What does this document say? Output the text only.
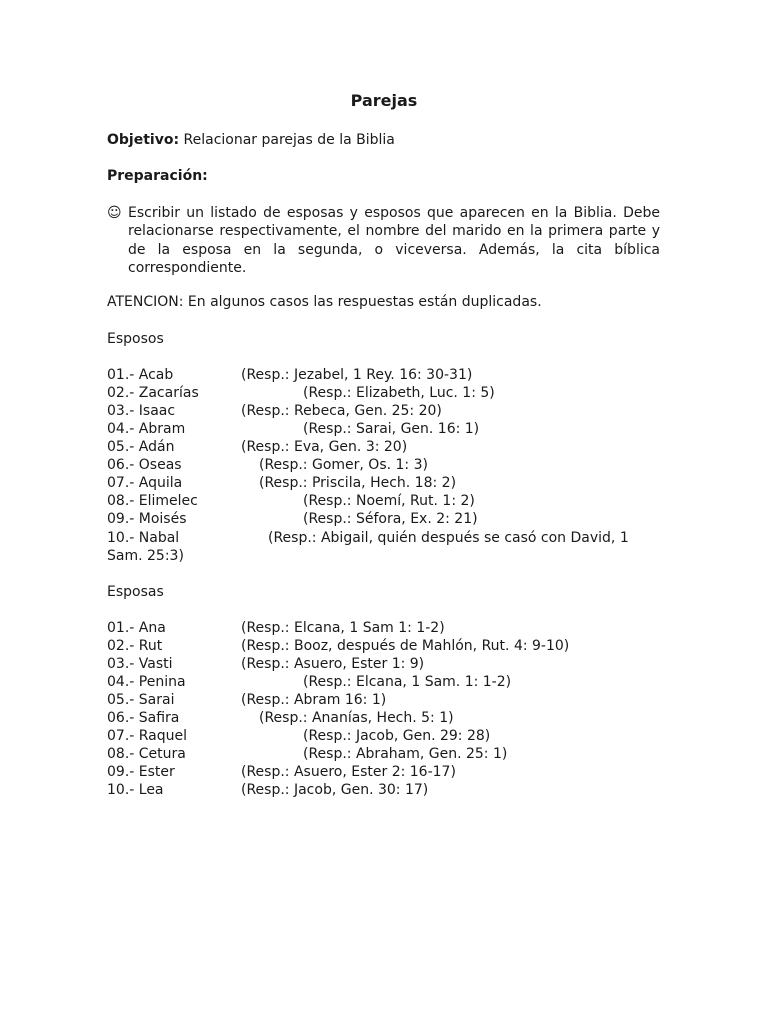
Parejas
Objetivo: Relacionar parejas de la Biblia
Preparación:
☺ Escribir un listado de esposas y esposos que aparecen en la Biblia. Debe relacionarse respectivamente, el nombre del marido en la primera parte y de la esposa en la segunda, o viceversa. Además, la cita bíblica correspondiente.
ATENCION: En algunos casos las respuestas están duplicadas.
Esposos
01.- Acab	(Resp.: Jezabel, 1 Rey. 16: 30-31)
02.- Zacarías	(Resp.: Elizabeth, Luc. 1: 5)
03.- Isaac	(Resp.: Rebeca, Gen. 25: 20)
04.- Abram	(Resp.: Sarai, Gen. 16: 1)
05.- Adán	(Resp.: Eva, Gen. 3: 20)
06.- Oseas	(Resp.: Gomer, Os. 1: 3)
07.- Aquila	(Resp.: Priscila, Hech. 18: 2)
08.- Elimelec	(Resp.: Noemí, Rut. 1: 2)
09.- Moisés	(Resp.: Séfora, Ex. 2: 21)
10.- Nabal	(Resp.: Abigail, quién después se casó con David, 1
Sam. 25:3)
Esposas
01.- Ana	(Resp.: Elcana, 1 Sam 1: 1-2)
02.- Rut	(Resp.: Booz, después de Mahlón, Rut. 4: 9-10)
03.- Vasti	(Resp.: Asuero, Ester 1: 9)
04.- Penina	(Resp.: Elcana, 1 Sam. 1: 1-2)
05.- Sarai	(Resp.: Abram 16: 1)
06.- Safira	(Resp.: Ananías, Hech. 5: 1)
07.- Raquel	(Resp.: Jacob, Gen. 29: 28)
08.- Cetura	(Resp.: Abraham, Gen. 25: 1)
09.- Ester	(Resp.: Asuero, Ester 2: 16-17)
10.- Lea	(Resp.: Jacob, Gen. 30: 17)
